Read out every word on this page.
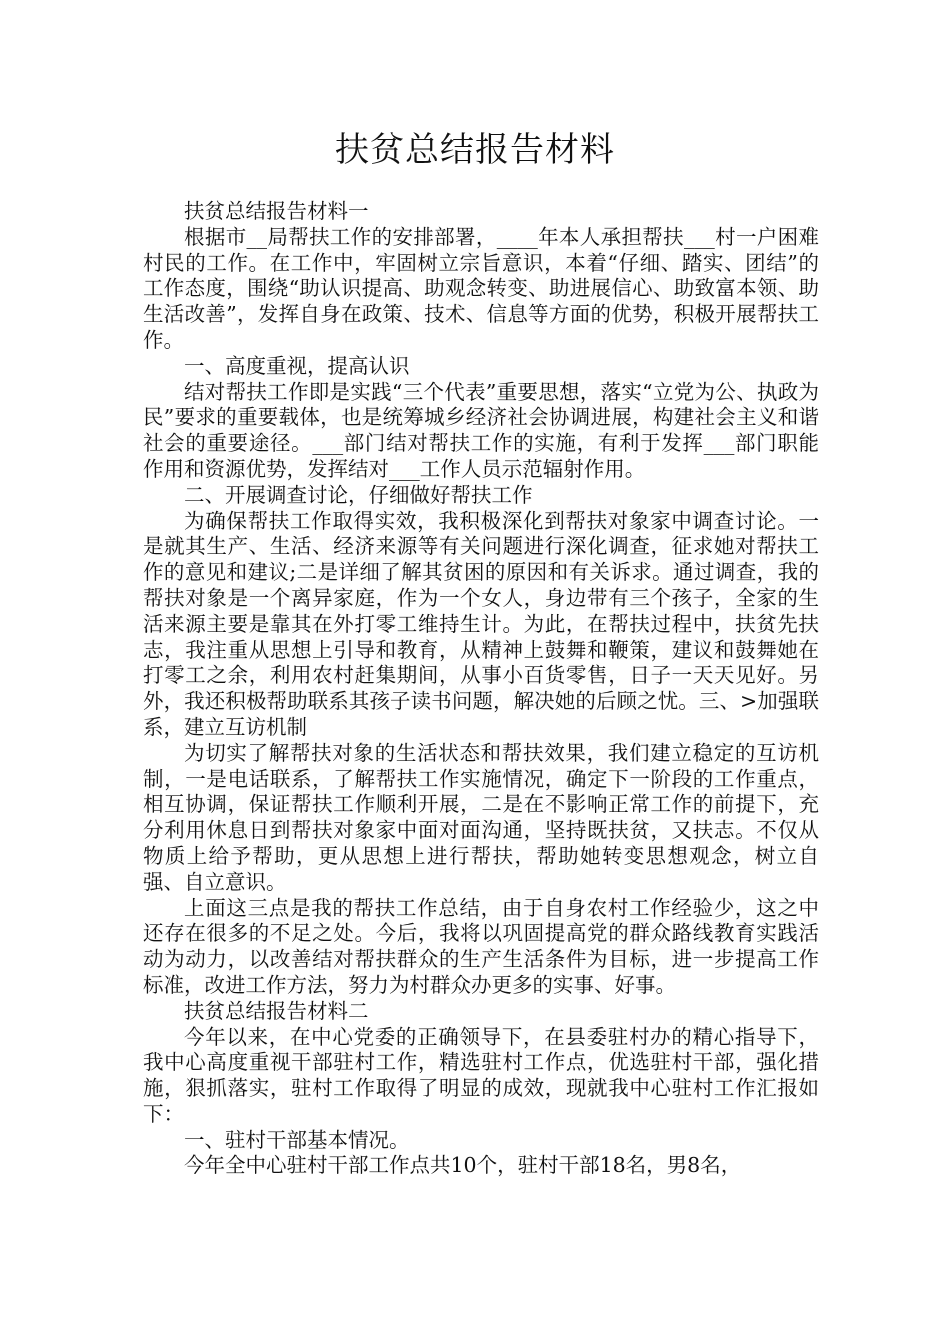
扶贫总结报告材料

扶贫总结报告材料一

根据市__局帮扶工作的安排部署，____年本人承担帮扶___村一户困难村民的工作。在工作中，牢固树立宗旨意识，本着“仔细、踏实、团结”的工作态度，围绕“助认识提高、助观念转变、助进展信心、助致富本领、助生活改善”，发挥自身在政策、技术、信息等方面的优势，积极开展帮扶工作。

一、高度重视，提高认识

结对帮扶工作即是实践“三个代表”重要思想，落实“立党为公、执政为民”要求的重要载体，也是统筹城乡经济社会协调进展，构建社会主义和谐社会的重要途径。___部门结对帮扶工作的实施，有利于发挥___部门职能作用和资源优势，发挥结对___工作人员示范辐射作用。

二、开展调查讨论，仔细做好帮扶工作

为确保帮扶工作取得实效，我积极深化到帮扶对象家中调查讨论。一是就其生产、生活、经济来源等有关问题进行深化调查，征求她对帮扶工作的意见和建议;二是详细了解其贫困的原因和有关诉求。通过调查，我的帮扶对象是一个离异家庭，作为一个女人，身边带有三个孩子，全家的生活来源主要是靠其在外打零工维持生计。为此，在帮扶过程中，扶贫先扶志，我注重从思想上引导和教育，从精神上鼓舞和鞭策，建议和鼓舞她在打零工之余，利用农村赶集期间，从事小百货零售，日子一天天见好。另外，我还积极帮助联系其孩子读书问题，解决她的后顾之忧。三、>加强联系，建立互访机制

为切实了解帮扶对象的生活状态和帮扶效果，我们建立稳定的互访机制，一是电话联系，了解帮扶工作实施情况，确定下一阶段的工作重点，相互协调，保证帮扶工作顺利开展，二是在不影响正常工作的前提下，充分利用休息日到帮扶对象家中面对面沟通，坚持既扶贫，又扶志。不仅从物质上给予帮助，更从思想上进行帮扶，帮助她转变思想观念，树立自强、自立意识。

上面这三点是我的帮扶工作总结，由于自身农村工作经验少，这之中还存在很多的不足之处。今后，我将以巩固提高党的群众路线教育实践活动为动力，以改善结对帮扶群众的生产生活条件为目标，进一步提高工作标准，改进工作方法，努力为村群众办更多的实事、好事。

扶贫总结报告材料二

今年以来，在中心党委的正确领导下，在县委驻村办的精心指导下，我中心高度重视干部驻村工作，精选驻村工作点，优选驻村干部，强化措施，狠抓落实，驻村工作取得了明显的成效，现就我中心驻村工作汇报如下：

一、驻村干部基本情况。

今年全中心驻村干部工作点共10个，驻村干部18名，男8名，
